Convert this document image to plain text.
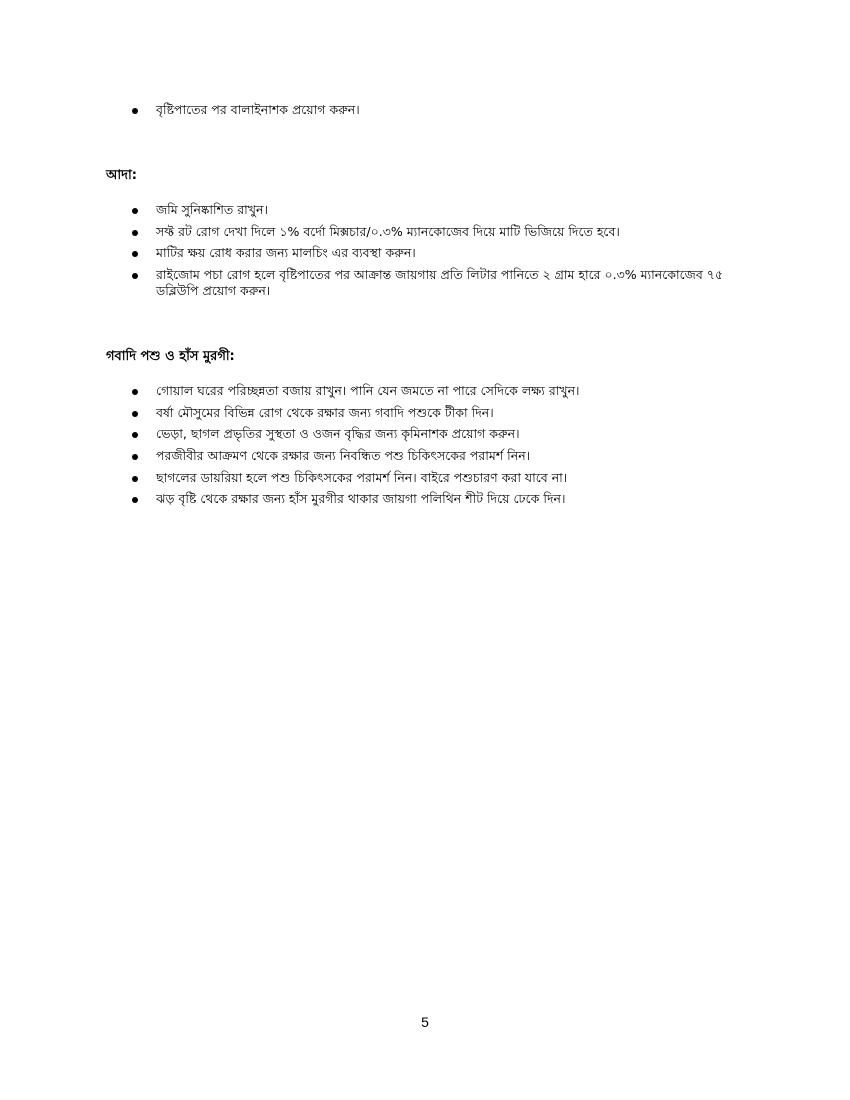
বৃষ্টিপাতের পর বালাইনাশক প্রয়োগ করুন।
আদা:
জমি সুনিষ্কাশিত রাখুন।
সফ্ট রট রোগ দেখা দিলে ১% বর্দো মিক্সচার/০.৩% ম্যানকোজেব দিয়ে মাটি ভিজিয়ে দিতে হবে।
মাটির ক্ষয় রোধ করার জন্য মালচিং এর ব্যবস্থা করুন।
রাইজোম পচা রোগ হলে বৃষ্টিপাতের পর আক্রান্ত জায়গায় প্রতি লিটার পানিতে ২ গ্রাম হারে ০.৩% ম্যানকোজেব ৭৫ ডব্লিউপি প্রয়োগ করুন।
গবাদি পশু ও হাঁস মুরগী:
গোয়াল ঘরের পরিচ্ছন্নতা বজায় রাখুন। পানি যেন জমতে না পারে সেদিকে লক্ষ্য রাখুন।
বর্ষা মৌসুমের বিভিন্ন রোগ থেকে রক্ষার জন্য গবাদি পশুকে টীকা দিন।
ভেড়া, ছাগল প্রভৃতির সুস্থতা ও ওজন বৃদ্ধির জন্য কৃমিনাশক প্রয়োগ করুন।
পরজীবীর আক্রমণ থেকে রক্ষার জন্য নিবন্ধিত পশু চিকিৎসকের পরামর্শ নিন।
ছাগলের ডায়রিয়া হলে পশু চিকিৎসকের পরামর্শ নিন। বাইরে পশুচারণ করা যাবে না।
ঝড় বৃষ্টি থেকে রক্ষার জন্য হাঁস মুরগীর থাকার জায়গা পলিথিন শীট দিয়ে ঢেকে দিন।
5
